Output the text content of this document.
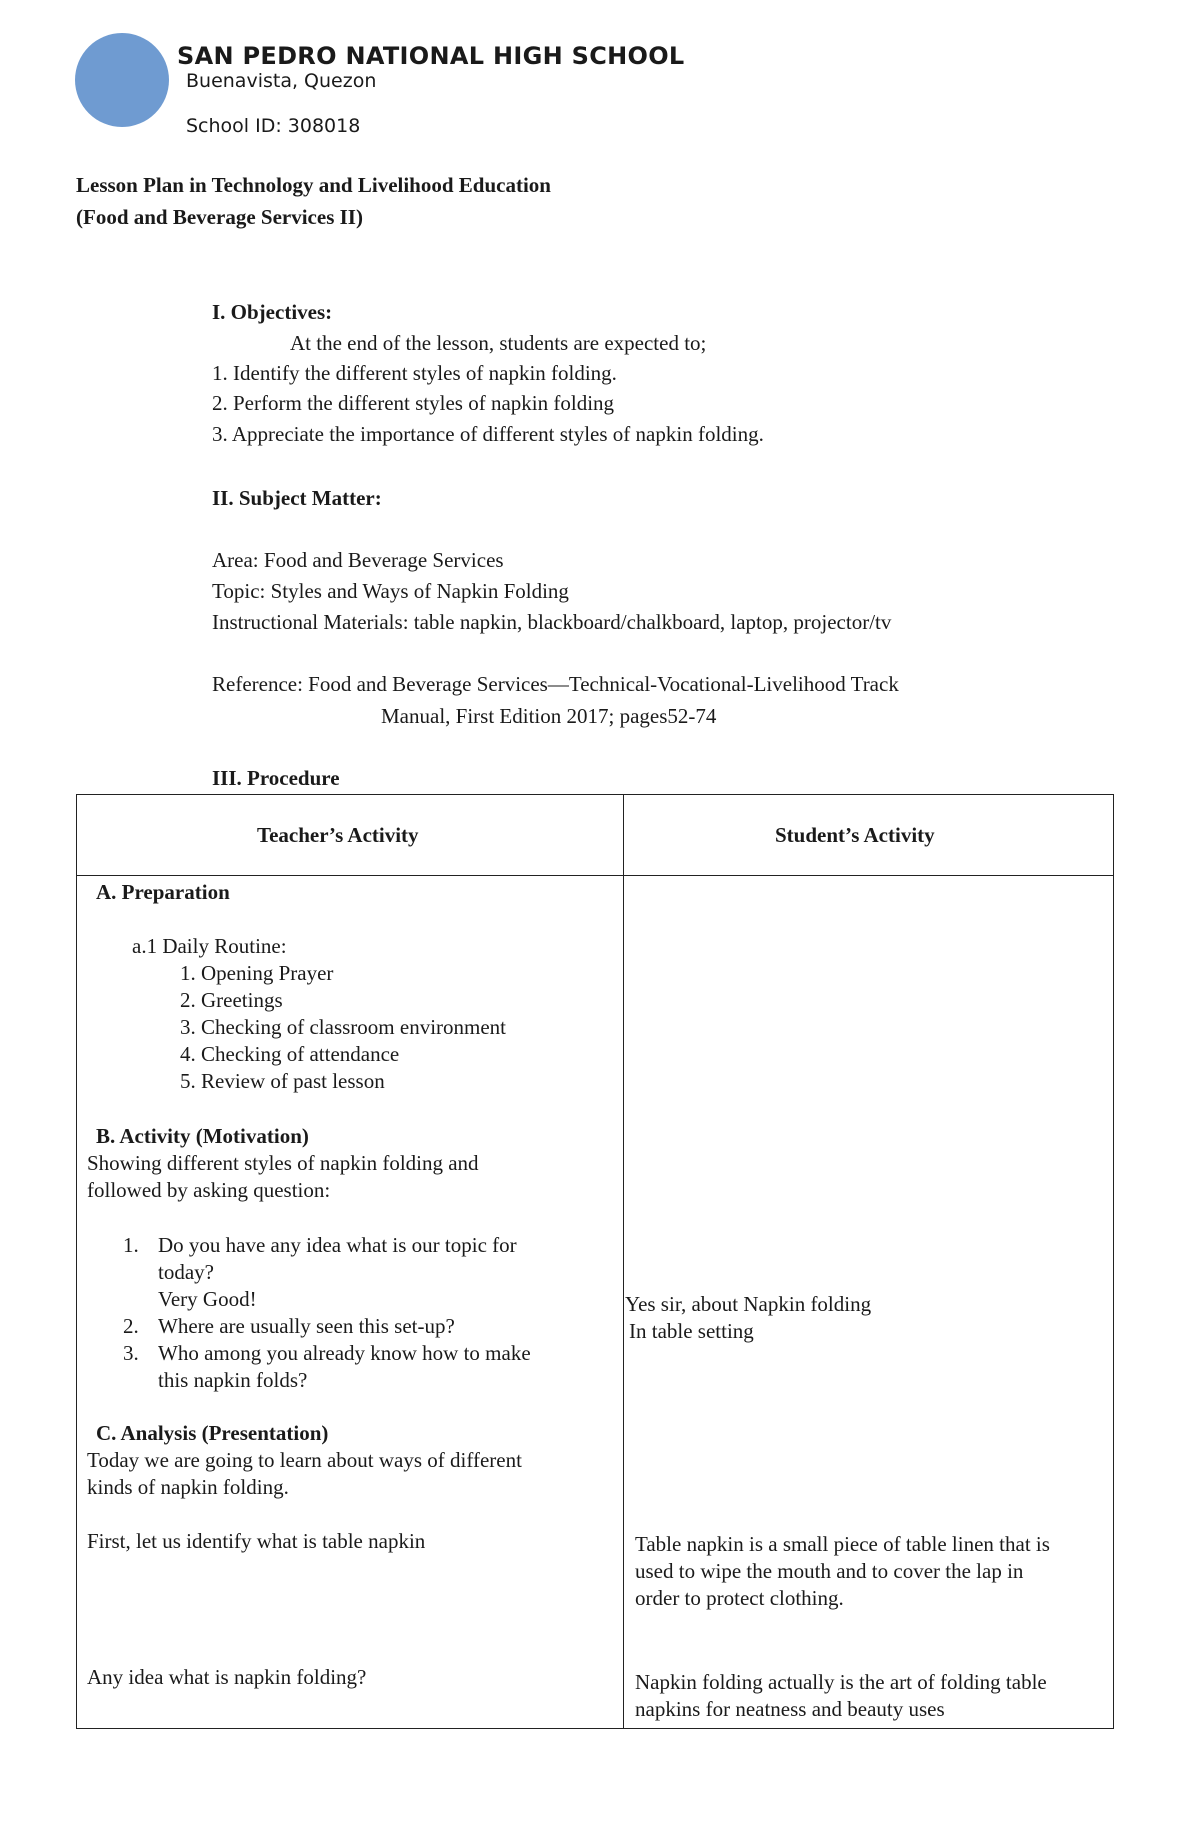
SAN PEDRO NATIONAL HIGH SCHOOL
Buenavista, Quezon
School ID: 308018
Lesson Plan in Technology and Livelihood Education
(Food and Beverage Services II)
I. Objectives:
At the end of the lesson, students are expected to;
1. Identify the different styles of napkin folding.
2. Perform the different styles of napkin folding
3. Appreciate the importance of different styles of napkin folding.
II. Subject Matter:
Area: Food and Beverage Services
Topic: Styles and Ways of Napkin Folding
Instructional Materials: table napkin, blackboard/chalkboard, laptop, projector/tv
Reference: Food and Beverage Services—Technical-Vocational-Livelihood Track
Manual, First Edition 2017; pages52-74
III. Procedure
Teacher’s Activity	Student’s Activity
A. Preparation
a.1 Daily Routine:
1. Opening Prayer
2. Greetings
3. Checking of classroom environment
4. Checking of attendance
5. Review of past lesson
B. Activity (Motivation)
Showing different styles of napkin folding and
followed by asking question:
1. Do you have any idea what is our topic for
today?
Very Good!
2. Where are usually seen this set-up?
3. Who among you already know how to make
this napkin folds?
C. Analysis (Presentation)
Today we are going to learn about ways of different
kinds of napkin folding.
First, let us identify what is table napkin
Any idea what is napkin folding?
Yes sir, about Napkin folding
In table setting
Table napkin is a small piece of table linen that is
used to wipe the mouth and to cover the lap in
order to protect clothing.
Napkin folding actually is the art of folding table
napkins for neatness and beauty uses
